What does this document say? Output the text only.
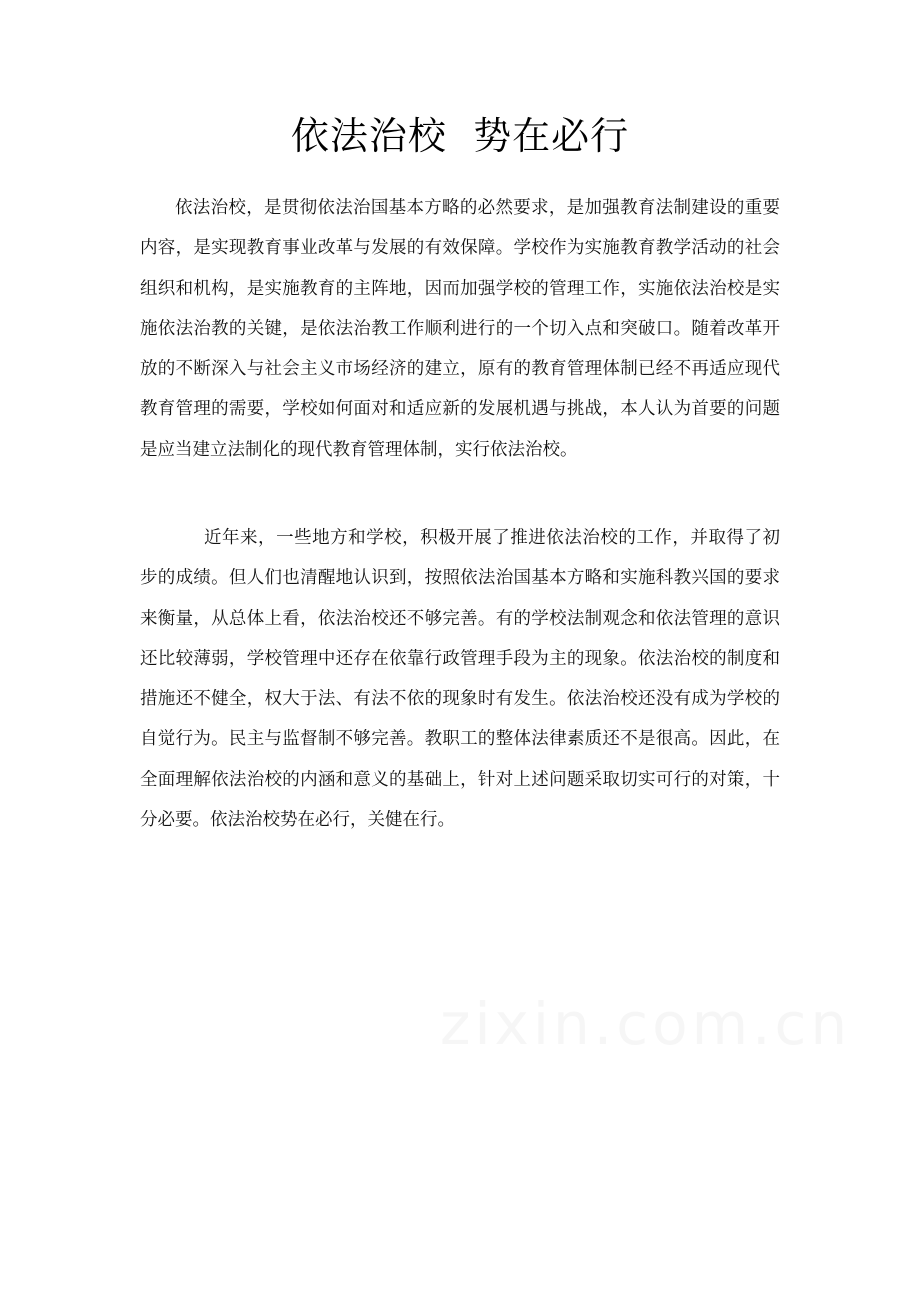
依法治校  势在必行

依法治校，是贯彻依法治国基本方略的必然要求，是加强教育法制建设的重要内容，是实现教育事业改革与发展的有效保障。学校作为实施教育教学活动的社会组织和机构，是实施教育的主阵地，因而加强学校的管理工作，实施依法治校是实施依法治教的关键，是依法治教工作顺利进行的一个切入点和突破口。随着改革开放的不断深入与社会主义市场经济的建立，原有的教育管理体制已经不再适应现代教育管理的需要，学校如何面对和适应新的发展机遇与挑战，本人认为首要的问题是应当建立法制化的现代教育管理体制，实行依法治校。

近年来，一些地方和学校，积极开展了推进依法治校的工作，并取得了初步的成绩。但人们也清醒地认识到，按照依法治国基本方略和实施科教兴国的要求来衡量，从总体上看，依法治校还不够完善。有的学校法制观念和依法管理的意识还比较薄弱，学校管理中还存在依靠行政管理手段为主的现象。依法治校的制度和措施还不健全，权大于法、有法不依的现象时有发生。依法治校还没有成为学校的自觉行为。民主与监督制不够完善。教职工的整体法律素质还不是很高。因此，在全面理解依法治校的内涵和意义的基础上，针对上述问题采取切实可行的对策，十分必要。依法治校势在必行，关健在行。

zixin.com.cn
